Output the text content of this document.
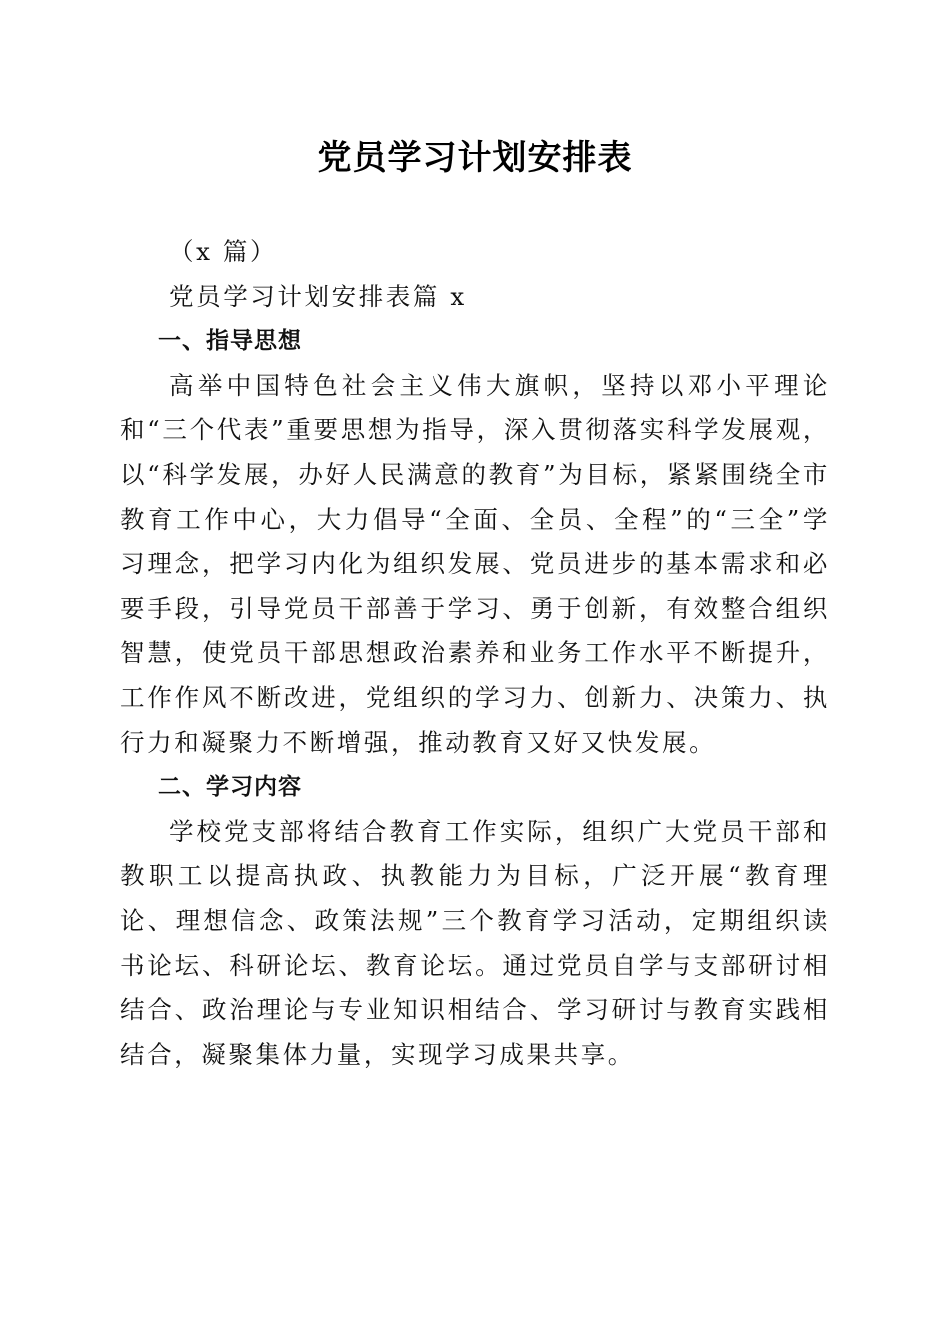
党员学习计划安排表

（x 篇）

党员学习计划安排表篇 x

一、指导思想

高举中国特色社会主义伟大旗帜，坚持以邓小平理论和“三个代表”重要思想为指导，深入贯彻落实科学发展观，以“科学发展，办好人民满意的教育”为目标，紧紧围绕全市教育工作中心，大力倡导“全面、全员、全程”的“三全”学习理念，把学习内化为组织发展、党员进步的基本需求和必要手段，引导党员干部善于学习、勇于创新，有效整合组织智慧，使党员干部思想政治素养和业务工作水平不断提升，工作作风不断改进，党组织的学习力、创新力、决策力、执行力和凝聚力不断增强，推动教育又好又快发展。

二、学习内容

学校党支部将结合教育工作实际，组织广大党员干部和教职工以提高执政、执教能力为目标，广泛开展“教育理论、理想信念、政策法规”三个教育学习活动，定期组织读书论坛、科研论坛、教育论坛。通过党员自学与支部研讨相结合、政治理论与专业知识相结合、学习研讨与教育实践相结合，凝聚集体力量，实现学习成果共享。
